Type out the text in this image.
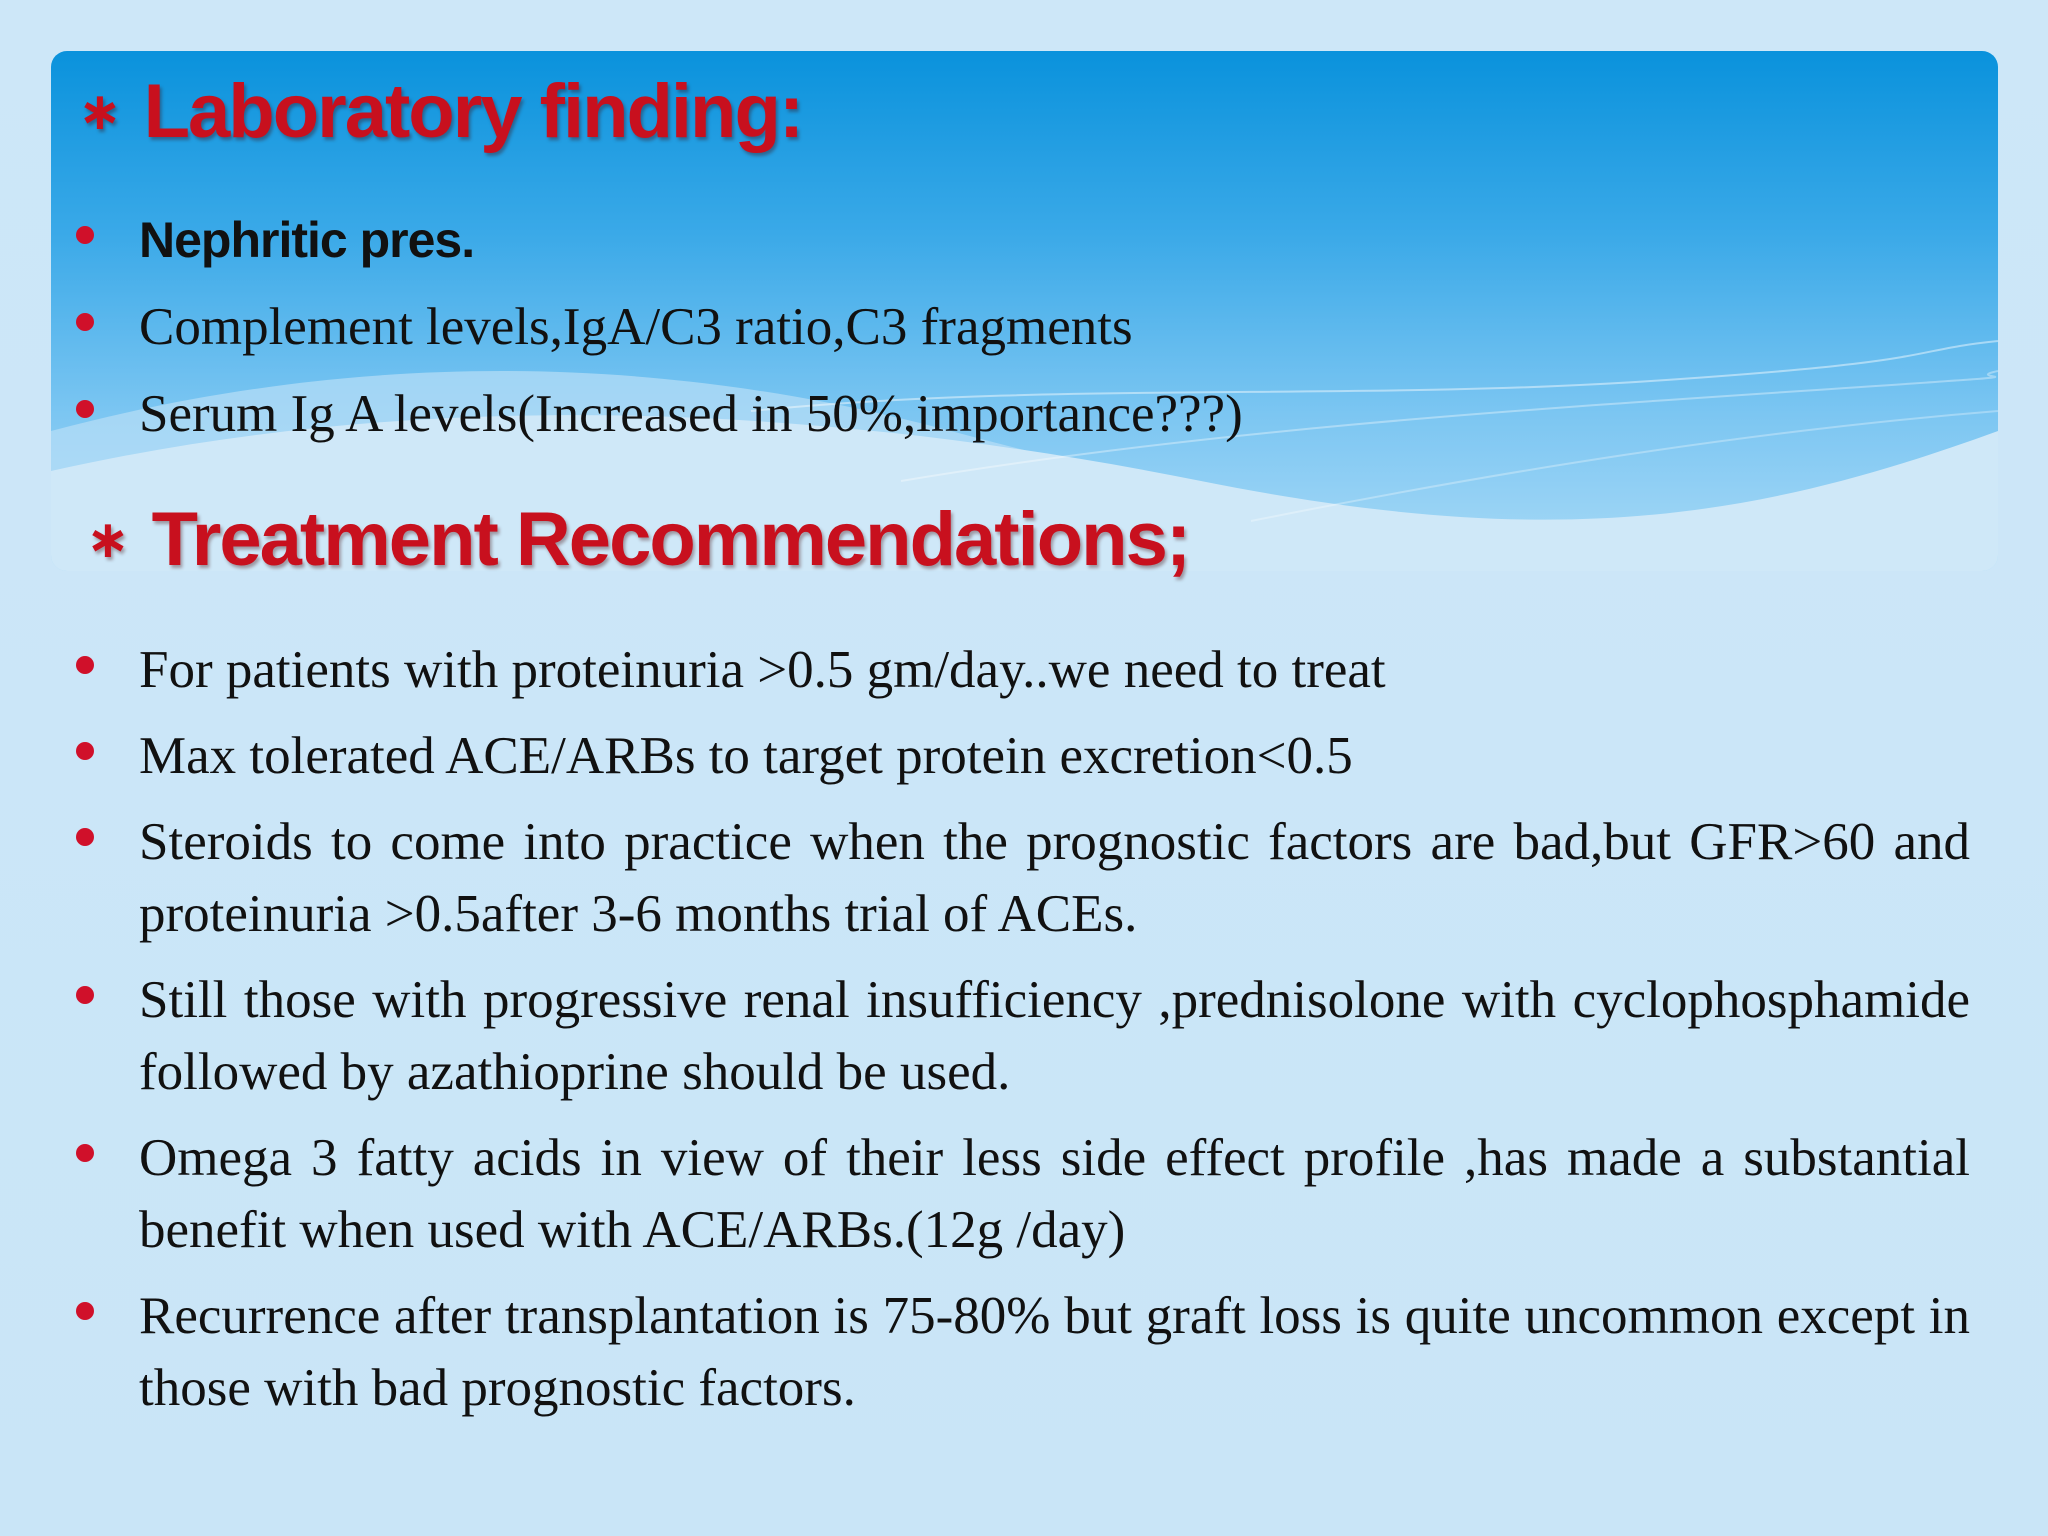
∗ Laboratory finding:
Nephritic pres.
Complement levels,IgA/C3 ratio,C3 fragments
Serum Ig A levels(Increased in 50%,importance???)
∗ Treatment Recommendations;
For patients with proteinuria >0.5 gm/day..we need to treat
Max tolerated ACE/ARBs to target protein excretion<0.5
Steroids to come into practice when the prognostic factors are bad,but GFR>60 and proteinuria >0.5after 3-6 months trial of ACEs.
Still those with progressive renal insufficiency ,prednisolone with cyclophosphamide followed by azathioprine should be used.
Omega 3 fatty acids in view of their less side effect profile ,has made a substantial benefit when used with ACE/ARBs.(12g /day)
Recurrence after transplantation is 75-80% but graft loss is quite uncommon except in those with bad prognostic factors.
